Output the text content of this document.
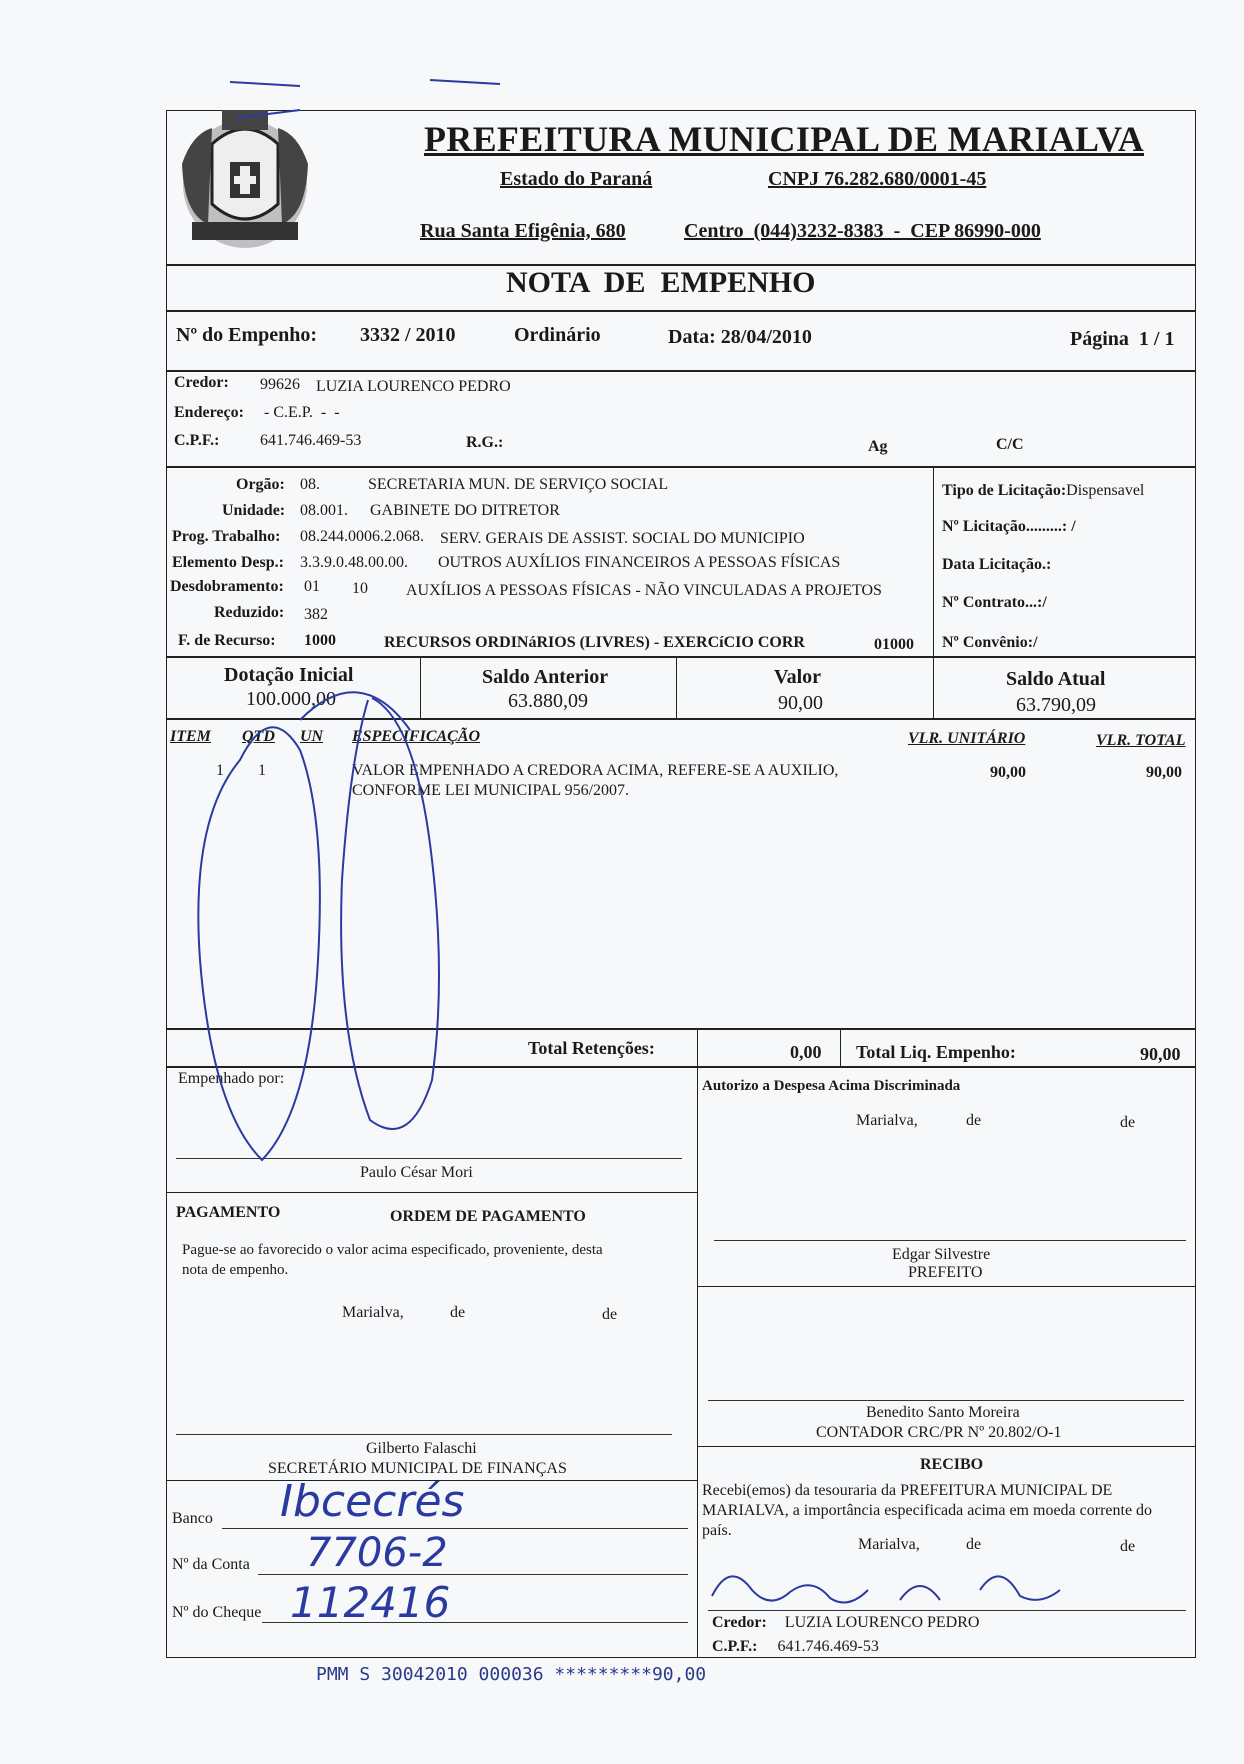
PREFEITURA MUNICIPAL DE MARIALVA
Estado do Paraná	CNPJ 76.282.680/0001-45
Rua Santa Efigênia, 680	Centro  (044)3232-8383  -  CEP 86990-000
NOTA  DE  EMPENHO
Nº do Empenho: 3332 / 2010	Ordinário	Data: 28/04/2010	Página  1 / 1
Credor: 99626 LUZIA LOURENCO PEDRO
Endereço: - C.E.P.  -  -
C.P.F.:	641.746.469-53	R.G.:	Ag	C/C
Orgão: 08.	SECRETARIA MUN. DE SERVIÇO SOCIAL
Unidade: 08.001. GABINETE DO DITRETOR
Prog. Trabalho: 08.244.0006.2.068. SERV. GERAIS DE ASSIST. SOCIAL DO MUNICIPIO
Elemento Desp.: 3.3.9.0.48.00.00. OUTROS AUXÍLIOS FINANCEIROS A PESSOAS FÍSICAS
Desdobramento: 01 10 AUXÍLIOS A PESSOAS FÍSICAS - NÃO VINCULADAS A PROJETOS
Reduzido: 382
F. de Recurso: 1000	RECURSOS ORDINáRIOS (LIVRES) - EXERCíCIO CORR	01000
Tipo de Licitação:Dispensavel
Nº Licitação.........: /
Data Licitação.:
Nº Contrato...:/
Nº Convênio:/
Dotação Inicial
100.000,00
Saldo Anterior
63.880,09
Valor
90,00
Saldo Atual
63.790,09
ITEM QTD UN ESPECIFICAÇÃO	VLR. UNITÁRIO	VLR. TOTAL
1 1	VALOR EMPENHADO A CREDORA ACIMA, REFERE-SE A AUXILIO,
CONFORME LEI MUNICIPAL 956/2007.
90,00	90,00
Total Retenções:	0,00 Total Liq. Empenho:	90,00
Empenhado por:
Paulo César Mori
PAGAMENTO	ORDEM DE PAGAMENTO
Pague-se ao favorecido o valor acima especificado, proveniente, desta
nota de empenho.
Marialva,	de	de
Gilberto Falaschi
SECRETÁRIO MUNICIPAL DE FINANÇAS
Banco Ibcecrés
Nº da Conta 7706-2
Nº do Cheque 112416
Autorizo a Despesa Acima Discriminada
Marialva,	de	de
Edgar Silvestre
PREFEITO
Benedito Santo Moreira
CONTADOR CRC/PR Nº 20.802/O-1
RECIBO
Recebi(emos) da tesouraria da PREFEITURA MUNICIPAL DE
MARIALVA, a importância especificada acima em moeda corrente do
país.
Marialva,	de	de
Credor: LUZIA LOURENCO PEDRO
C.P.F.: 641.746.469-53
PMM S 30042010 000036 *********90,00
